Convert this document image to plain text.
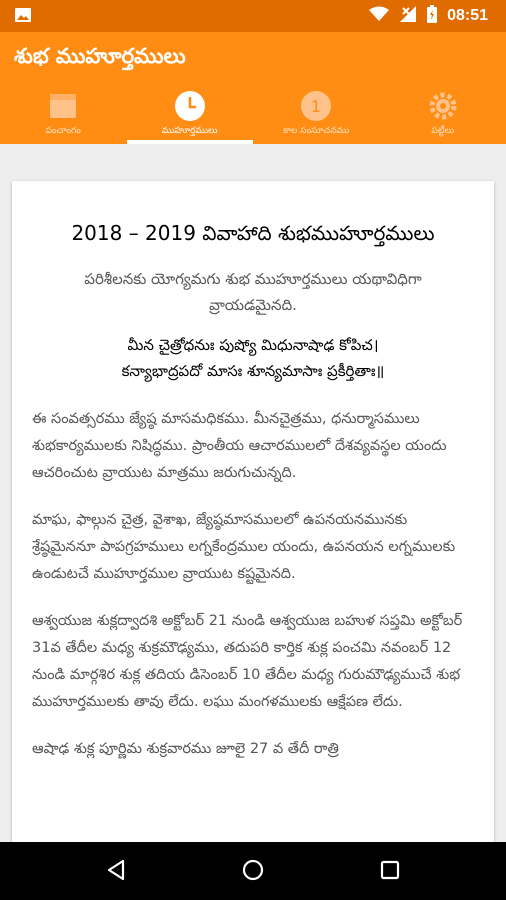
08:51
శుభ ముహూర్తములు
పంచాంగం	ముహూర్తములు
1
కాల సంసూచనము	పట్టీలు
2018 – 2019 వివాహాది శుభముహూర్తములు
పరిశీలనకు యోగ్యమగు శుభ ముహూర్తములు యథావిధిగా వ్రాయడమైనది.
మీన చైత్రోధనుః పుష్యో మిధునాషాఢ కోపిచ।
కన్యాభాద్రపదో మాసః శూన్యమాసాః ప్రకీర్తితాః॥
ఈ సంవత్సరము జ్యేష్ఠ మాసమధికము. మీనచైత్రము, ధనుర్మాసములు శుభకార్యములకు నిషిద్ధము. ప్రాంతీయ ఆచారములలో దేశవ్యవస్థల యందు ఆచరించుట వ్రాయుట మాత్రము జరుగుచున్నది.
మాఘ, ఫాల్గున చైత్ర, వైశాఖ, జ్యేష్ఠమాసములలో ఉపనయనమునకు శ్రేష్ఠమైననూ పాపగ్రహములు లగ్నకేంద్రముల యందు, ఉపనయన లగ్నములకు ఉండుటచే ముహూర్తముల వ్రాయుట కష్టమైనది.
ఆశ్వయుజ శుక్లద్వాదశి అక్టోబర్ 21 నుండి ఆశ్వయుజ బహుళ సప్తమి అక్టోబర్ 31వ తేదీల మధ్య శుక్రమౌఢ్యము, తదుపరి కార్తిక శుక్ల పంచమి నవంబర్ 12 నుండి మార్గశిర శుక్ల తదియ డిసెంబర్ 10 తేదీల మధ్య గురుమౌఢ్యముచే శుభ ముహూర్తములకు తావు లేదు. లఘు మంగళములకు ఆక్షేపణ లేదు.
ఆషాఢ శుక్ల పూర్ణిమ శుక్రవారము జూలై 27 వ తేదీ రాత్రి
